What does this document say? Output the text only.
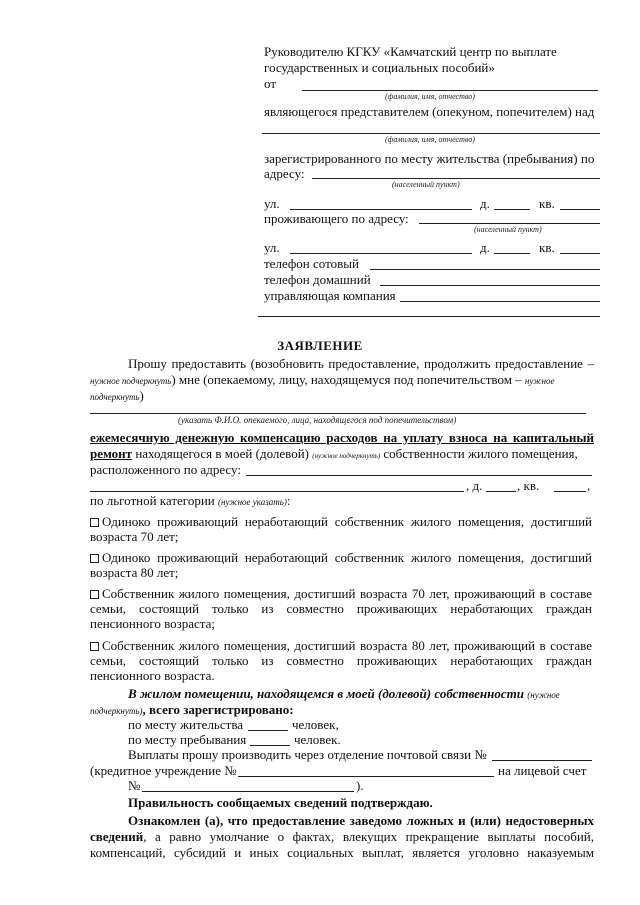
Руководителю КГКУ «Камчатский центр по выплате
государственных и социальных пособий»
от
(фамилия, имя, отчество)
являющегося представителем (опекуном, попечителем) над
(фамилия, имя, отчество)
зарегистрированного по месту жительства (пребывания) по
адресу:
(населенный пункт)
ул.	д.	кв.
проживающего по адресу:
(населенный пункт)
ул.	д.	кв.
телефон сотовый
телефон домашний
управляющая компания
ЗАЯВЛЕНИЕ
Прошу предоставить (возобновить предоставление, продолжить предоставление –
нужное подчеркнуть) мне (опекаемому, лицу, находящемуся под попечительством – нужное
подчеркнуть)
(указать Ф.И.О. опекаемого, лица, находящегося под попечительством)
ежемесячную денежную компенсацию расходов на уплату взноса на капитальный
ремонт находящегося в моей (долевой) (нужное подчеркнуть) собственности жилого помещения,
расположенного по адресу:
, д.	, кв.	,
по льготной категории (нужное указать):
Одиноко проживающий неработающий собственник жилого помещения, достигший
возраста 70 лет;
Одиноко проживающий неработающий собственник жилого помещения, достигший
возраста 80 лет;
Собственник жилого помещения, достигший возраста 70 лет, проживающий в составе
семьи, состоящий только из совместно проживающих неработающих граждан
пенсионного возраста;
Собственник жилого помещения, достигший возраста 80 лет, проживающий в составе
семьи, состоящий только из совместно проживающих неработающих граждан
пенсионного возраста.
В жилом помещении, находящемся в моей (долевой) собственности (нужное
подчеркнуть), всего зарегистрировано:
по месту жительства	человек,
по месту пребывания	человек.
Выплаты прошу производить через отделение почтовой связи №
(кредитное учреждение №	на лицевой счет
№	).
Правильность сообщаемых сведений подтверждаю.
Ознакомлен (а), что предоставление заведомо ложных и (или) недостоверных
сведений, а равно умолчание о фактах, влекущих прекращение выплаты пособий,
компенсаций, субсидий и иных социальных выплат, является уголовно наказуемым
